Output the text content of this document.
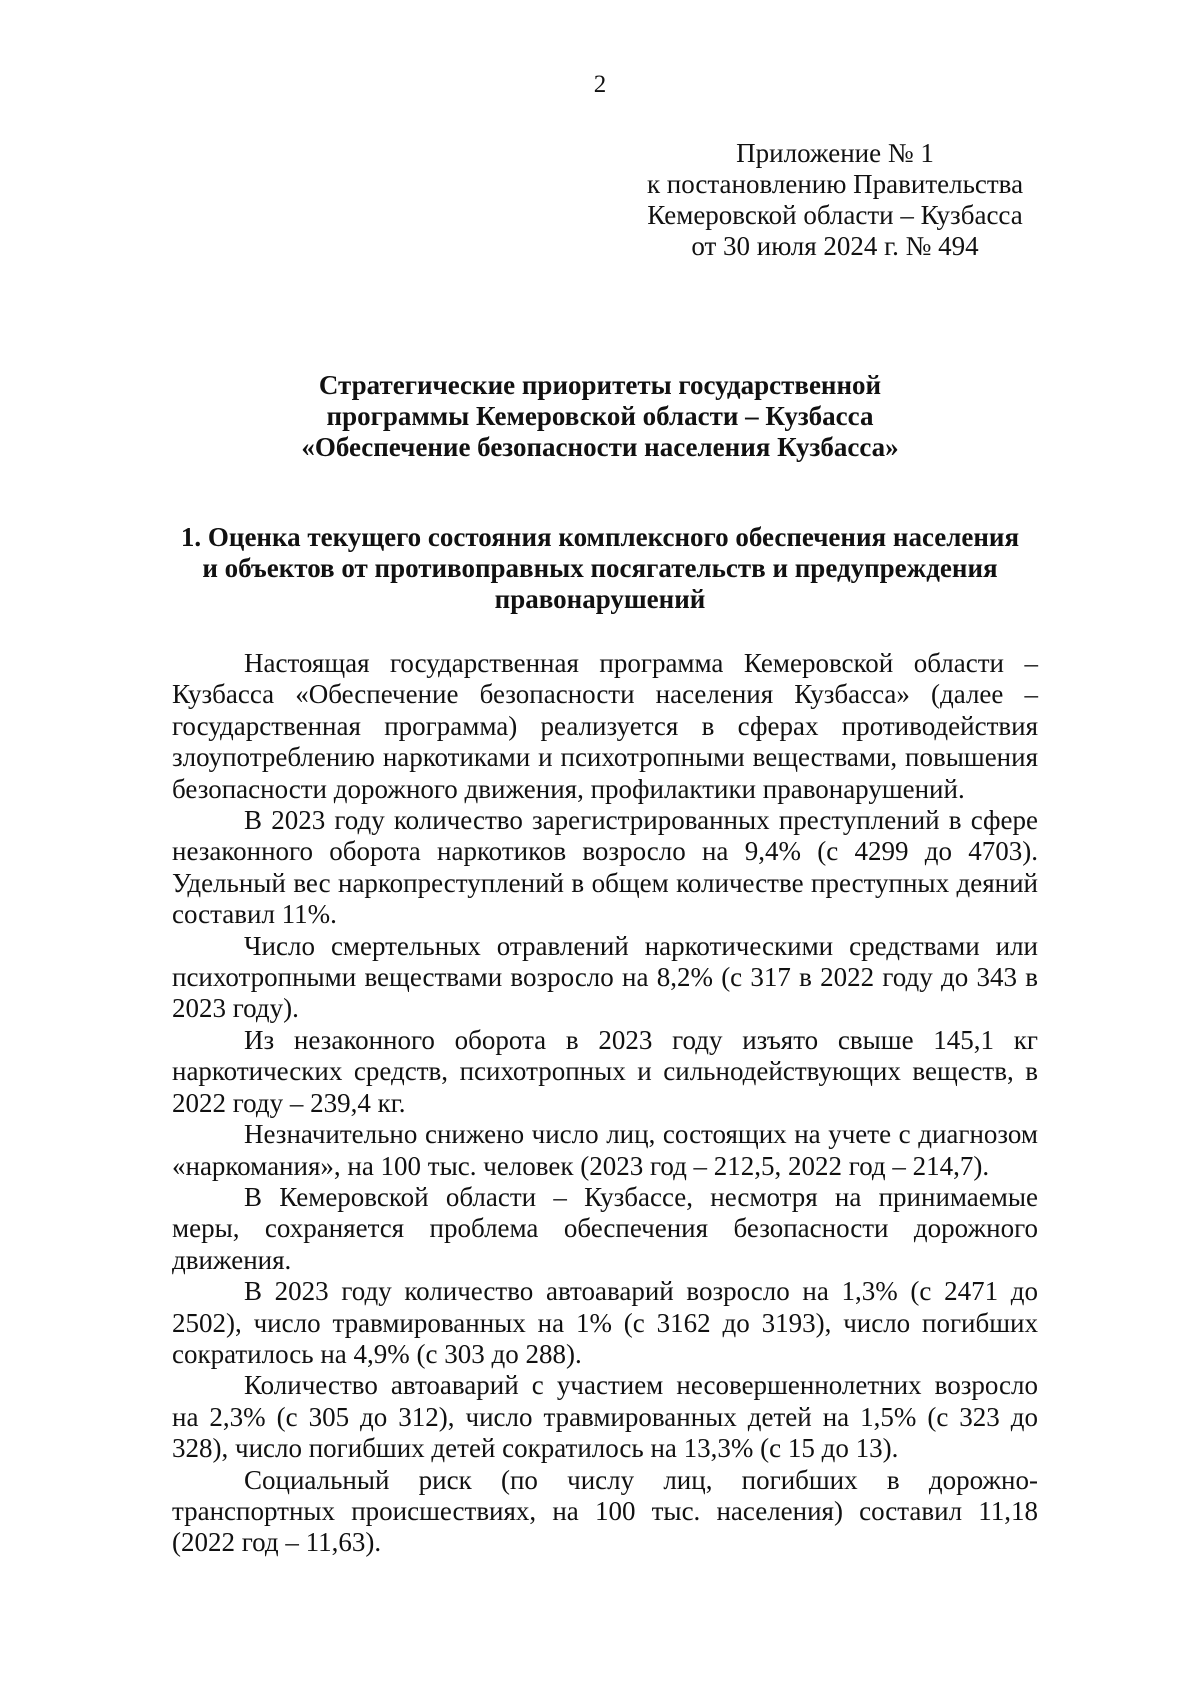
2
Приложение № 1
к постановлению Правительства
Кемеровской области – Кузбасса
от 30 июля 2024 г. № 494
Стратегические приоритеты государственной
программы Кемеровской области – Кузбасса
«Обеспечение безопасности населения Кузбасса»
1. Оценка текущего состояния комплексного обеспечения населения
и объектов от противоправных посягательств и предупреждения
правонарушений

Настоящая государственная программа Кемеровской области – Кузбасса «Обеспечение безопасности населения Кузбасса» (далее – государственная программа) реализуется в сферах противодействия злоупотреблению наркотиками и психотропными веществами, повышения безопасности дорожного движения, профилактики правонарушений.

В 2023 году количество зарегистрированных преступлений в сфере незаконного оборота наркотиков возросло на 9,4% (с 4299 до 4703). Удельный вес наркопреступлений в общем количестве преступных деяний составил 11%.

Число смертельных отравлений наркотическими средствами или психотропными веществами возросло на 8,2% (с 317 в 2022 году до 343 в 2023 году).

Из незаконного оборота в 2023 году изъято свыше 145,1 кг наркотических средств, психотропных и сильнодействующих веществ, в 2022 году – 239,4 кг.

Незначительно снижено число лиц, состоящих на учете с диагнозом «наркомания», на 100 тыс. человек (2023 год – 212,5, 2022 год – 214,7).

В Кемеровской области – Кузбассе, несмотря на принимаемые меры, сохраняется проблема обеспечения безопасности дорожного движения.

В 2023 году количество автоаварий возросло на 1,3% (с 2471 до 2502), число травмированных на 1% (с 3162 до 3193), число погибших сократилось на 4,9% (с 303 до 288).

Количество автоаварий с участием несовершеннолетних возросло на 2,3% (с 305 до 312), число травмированных детей на 1,5% (с 323 до 328), число погибших детей сократилось на 13,3% (с 15 до 13).

Социальный риск (по числу лиц, погибших в дорожно-транспортных происшествиях, на 100 тыс. населения) составил 11,18 (2022 год – 11,63).
